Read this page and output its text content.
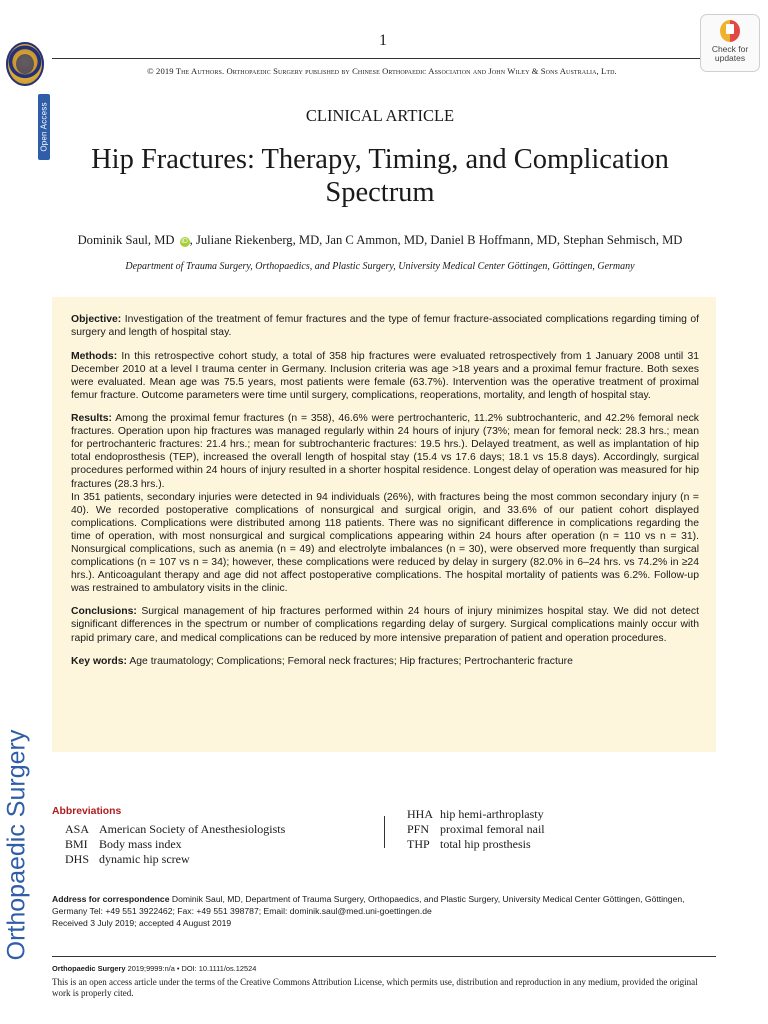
Open Access
Orthopaedic Surgery
1
© 2019 The Authors. Orthopaedic Surgery published by Chinese Orthopaedic Association and John Wiley & Sons Australia, Ltd.
Check for updates
CLINICAL ARTICLE
Hip Fractures: Therapy, Timing, and Complication Spectrum
Dominik Saul, MD iD , Juliane Riekenberg, MD, Jan C Ammon, MD, Daniel B Hoffmann, MD, Stephan Sehmisch, MD
Department of Trauma Surgery, Orthopaedics, and Plastic Surgery, University Medical Center Göttingen, Göttingen, Germany

Objective: Investigation of the treatment of femur fractures and the type of femur fracture-associated complications regarding timing of surgery and length of hospital stay.

Methods: In this retrospective cohort study, a total of 358 hip fractures were evaluated retrospectively from 1 January 2008 until 31 December 2010 at a level I trauma center in Germany. Inclusion criteria was age >18 years and a proximal femur fracture. Both sexes were evaluated. Mean age was 75.5 years, most patients were female (63.7%). Intervention was the operative treatment of proximal femur fracture. Outcome parameters were time until surgery, complications, reoperations, mortality, and length of hospital stay.

Results: Among the proximal femur fractures (n = 358), 46.6% were pertrochanteric, 11.2% subtrochanteric, and 42.2% femoral neck fractures. Operation upon hip fractures was managed regularly within 24 hours of injury (73%; mean for femoral neck: 28.3 hrs.; mean for pertrochanteric fractures: 21.4 hrs.; mean for subtrochanteric fractures: 19.5 hrs.). Delayed treatment, as well as implantation of hip total endoprosthesis (TEP), increased the overall length of hospital stay (15.4 vs 17.6 days; 18.1 vs 15.8 days). Accordingly, surgical procedures performed within 24 hours of injury resulted in a shorter hospital residence. Longest delay of operation was measured for hip fractures (28.3 hrs.).

In 351 patients, secondary injuries were detected in 94 individuals (26%), with fractures being the most common secondary injury (n = 40). We recorded postoperative complications of nonsurgical and surgical origin, and 33.6% of our patient cohort displayed complications. Complications were distributed among 118 patients. There was no significant difference in complications regarding the time of operation, with most nonsurgical and surgical complications appearing within 24 hours after operation (n = 110 vs n = 31). Nonsurgical complications, such as anemia (n = 49) and electrolyte imbalances (n = 30), were observed more frequently than surgical complications (n = 107 vs n = 34); however, these complications were reduced by delay in surgery (82.0% in 6–24 hrs. vs 74.2% in ≥24 hrs.). Anticoagulant therapy and age did not affect postoperative complications. The hospital mortality of patients was 6.2%. Follow-up was restrained to ambulatory visits in the clinic.

Conclusions: Surgical management of hip fractures performed within 24 hours of injury minimizes hospital stay. We did not detect significant differences in the spectrum or number of complications regarding delay of surgery. Surgical complications mainly occur with rapid primary care, and medical complications can be reduced by more intensive preparation of patient and operation procedures.

Key words: Age traumatology; Complications; Femoral neck fractures; Hip fractures; Pertrochanteric fracture

Abbreviations
ASA American Society of Anesthesiologists
BMI Body mass index
DHS dynamic hip screw
HHA hip hemi-arthroplasty
PFN proximal femoral nail
THP total hip prosthesis
Address for correspondence Dominik Saul, MD, Department of Trauma Surgery, Orthopaedics, and Plastic Surgery, University Medical Center Göttingen, Göttingen, Germany Tel: +49 551 3922462; Fax: +49 551 398787; Email: dominik.saul@med.uni-goettingen.de
Received 3 July 2019; accepted 4 August 2019
Orthopaedic Surgery 2019;9999:n/a • DOI: 10.1111/os.12524
This is an open access article under the terms of the Creative Commons Attribution License, which permits use, distribution and reproduction in any medium, provided the original work is properly cited.
